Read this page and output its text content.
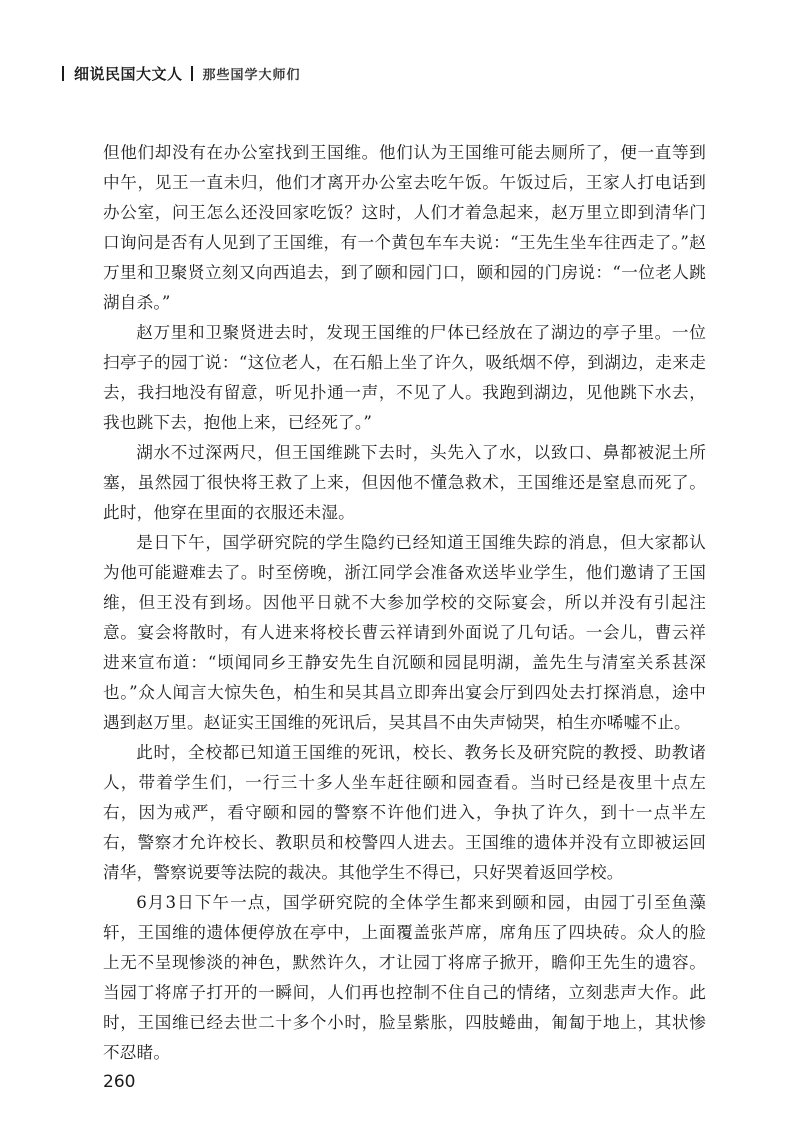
细说民国大文人 那些国学大师们

但他们却没有在办公室找到王国维。他们认为王国维可能去厕所了，便一直等到中午，见王一直未归，他们才离开办公室去吃午饭。午饭过后，王家人打电话到办公室，问王怎么还没回家吃饭？这时，人们才着急起来，赵万里立即到清华门口询问是否有人见到了王国维，有一个黄包车车夫说：“王先生坐车往西走了。”赵万里和卫聚贤立刻又向西追去，到了颐和园门口，颐和园的门房说：“一位老人跳湖自杀。”

赵万里和卫聚贤进去时，发现王国维的尸体已经放在了湖边的亭子里。一位扫亭子的园丁说：“这位老人，在石船上坐了许久，吸纸烟不停，到湖边，走来走去，我扫地没有留意，听见扑通一声，不见了人。我跑到湖边，见他跳下水去，我也跳下去，抱他上来，已经死了。”

湖水不过深两尺，但王国维跳下去时，头先入了水，以致口、鼻都被泥土所塞，虽然园丁很快将王救了上来，但因他不懂急救术，王国维还是窒息而死了。此时，他穿在里面的衣服还未湿。

是日下午，国学研究院的学生隐约已经知道王国维失踪的消息，但大家都认为他可能避难去了。时至傍晚，浙江同学会准备欢送毕业学生，他们邀请了王国维，但王没有到场。因他平日就不大参加学校的交际宴会，所以并没有引起注意。宴会将散时，有人进来将校长曹云祥请到外面说了几句话。一会儿，曹云祥进来宣布道：“顷闻同乡王静安先生自沉颐和园昆明湖，盖先生与清室关系甚深也。”众人闻言大惊失色，柏生和吴其昌立即奔出宴会厅到四处去打探消息，途中遇到赵万里。赵证实王国维的死讯后，吴其昌不由失声恸哭，柏生亦唏嘘不止。

此时，全校都已知道王国维的死讯，校长、教务长及研究院的教授、助教诸人，带着学生们，一行三十多人坐车赶往颐和园查看。当时已经是夜里十点左右，因为戒严，看守颐和园的警察不许他们进入，争执了许久，到十一点半左右，警察才允许校长、教职员和校警四人进去。王国维的遗体并没有立即被运回清华，警察说要等法院的裁决。其他学生不得已，只好哭着返回学校。

6月3日下午一点，国学研究院的全体学生都来到颐和园，由园丁引至鱼藻轩，王国维的遗体便停放在亭中，上面覆盖张芦席，席角压了四块砖。众人的脸上无不呈现惨淡的神色，默然许久，才让园丁将席子掀开，瞻仰王先生的遗容。当园丁将席子打开的一瞬间，人们再也控制不住自己的情绪，立刻悲声大作。此时，王国维已经去世二十多个小时，脸呈紫胀，四肢蜷曲，匍匐于地上，其状惨不忍睹。

260
